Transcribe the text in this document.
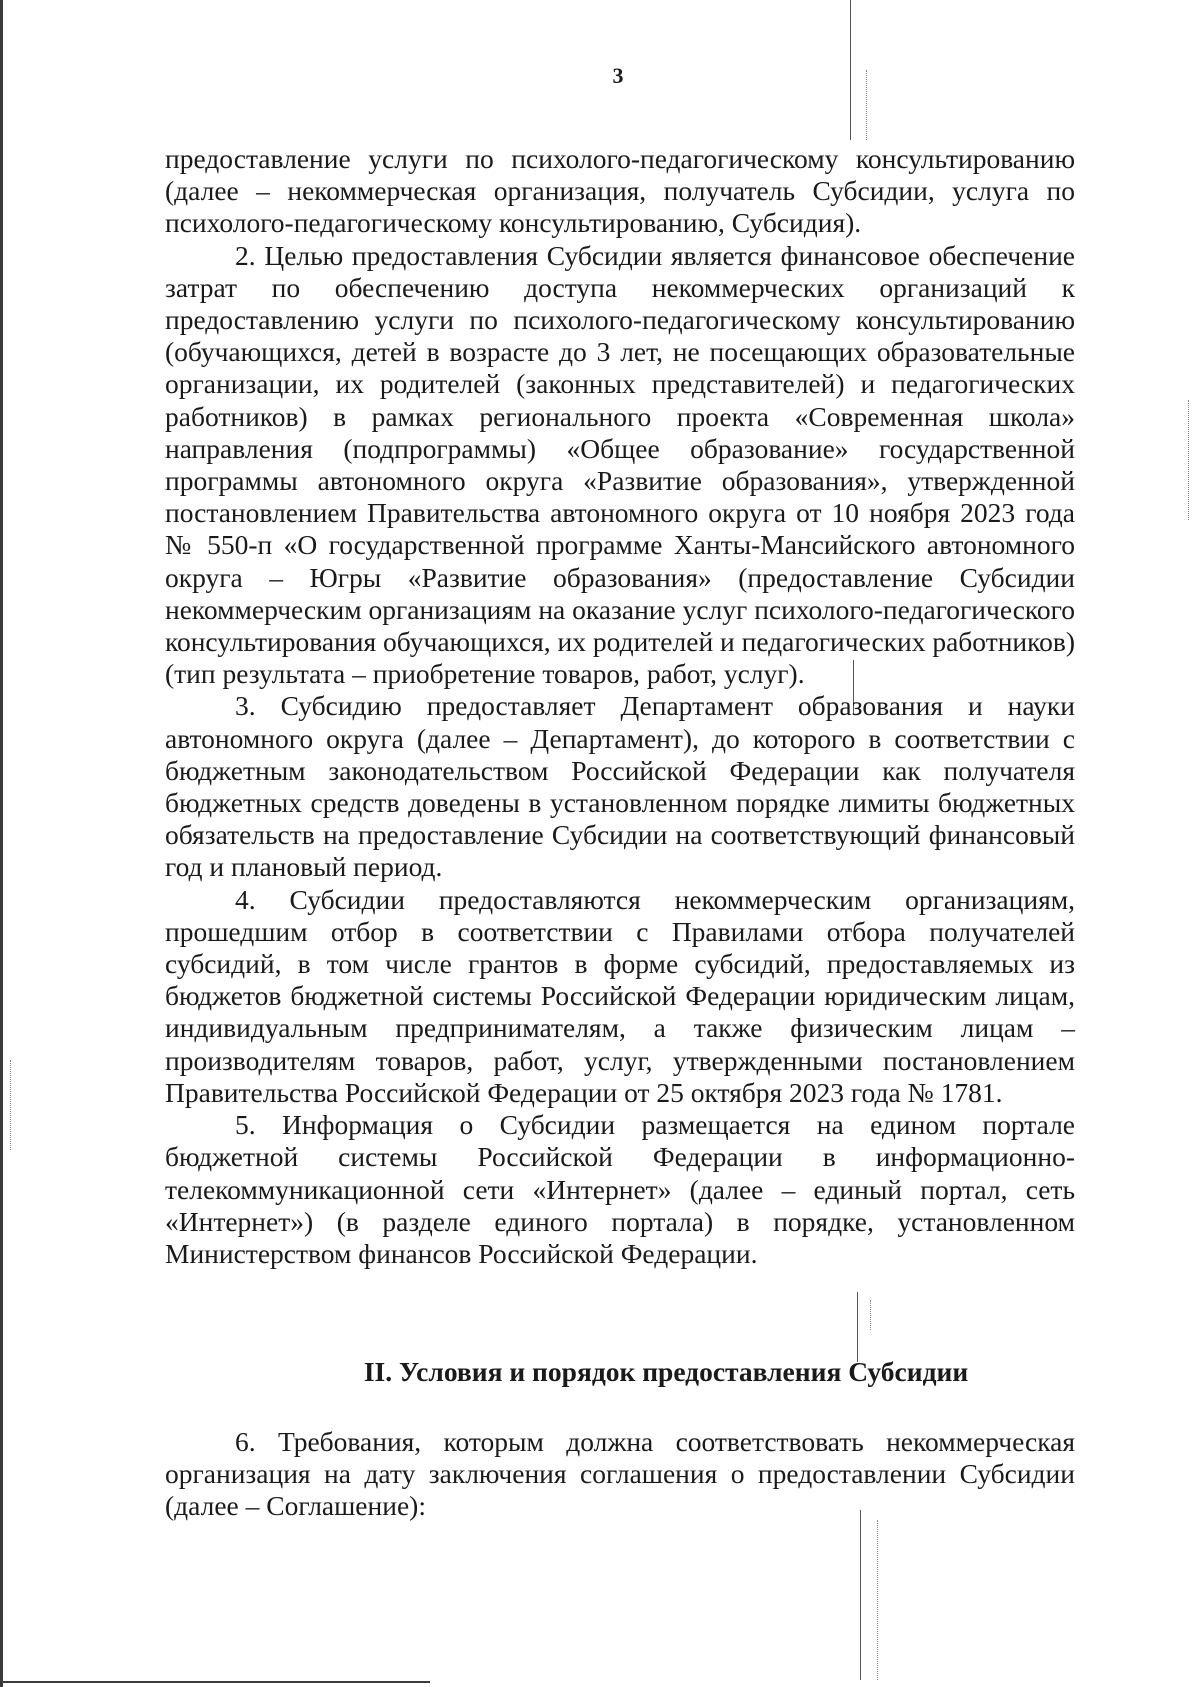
3

предоставление услуги по психолого-педагогическому консультированию (далее – некоммерческая организация, получатель Субсидии, услуга по психолого-педагогическому консультированию, Субсидия).

2. Целью предоставления Субсидии является финансовое обеспечение затрат по обеспечению доступа некоммерческих организаций к предоставлению услуги по психолого-педагогическому консультированию (обучающихся, детей в возрасте до 3 лет, не посещающих образовательные организации, их родителей (законных представителей) и педагогических работников) в рамках регионального проекта «Современная школа» направления (подпрограммы) «Общее образование» государственной программы автономного округа «Развитие образования», утвержденной постановлением Правительства автономного округа от 10 ноября 2023 года № 550-п «О государственной программе Ханты-Мансийского автономного округа – Югры «Развитие образования» (предоставление Субсидии некоммерческим организациям на оказание услуг психолого-педагогического консультирования обучающихся, их родителей и педагогических работников) (тип результата – приобретение товаров, работ, услуг).

3. Субсидию предоставляет Департамент образования и науки автономного округа (далее – Департамент), до которого в соответствии с бюджетным законодательством Российской Федерации как получателя бюджетных средств доведены в установленном порядке лимиты бюджетных обязательств на предоставление Субсидии на соответствующий финансовый год и плановый период.

4. Субсидии предоставляются некоммерческим организациям, прошедшим отбор в соответствии с Правилами отбора получателей субсидий, в том числе грантов в форме субсидий, предоставляемых из бюджетов бюджетной системы Российской Федерации юридическим лицам, индивидуальным предпринимателям, а также физическим лицам – производителям товаров, работ, услуг, утвержденными постановлением Правительства Российской Федерации от 25 октября 2023 года № 1781.

5. Информация о Субсидии размещается на едином портале бюджетной системы Российской Федерации в информационно-телекоммуникационной сети «Интернет» (далее – единый портал, сеть «Интернет») (в разделе единого портала) в порядке, установленном Министерством финансов Российской Федерации.

II. Условия и порядок предоставления Субсидии

6. Требования, которым должна соответствовать некоммерческая организация на дату заключения соглашения о предоставлении Субсидии (далее – Соглашение):
